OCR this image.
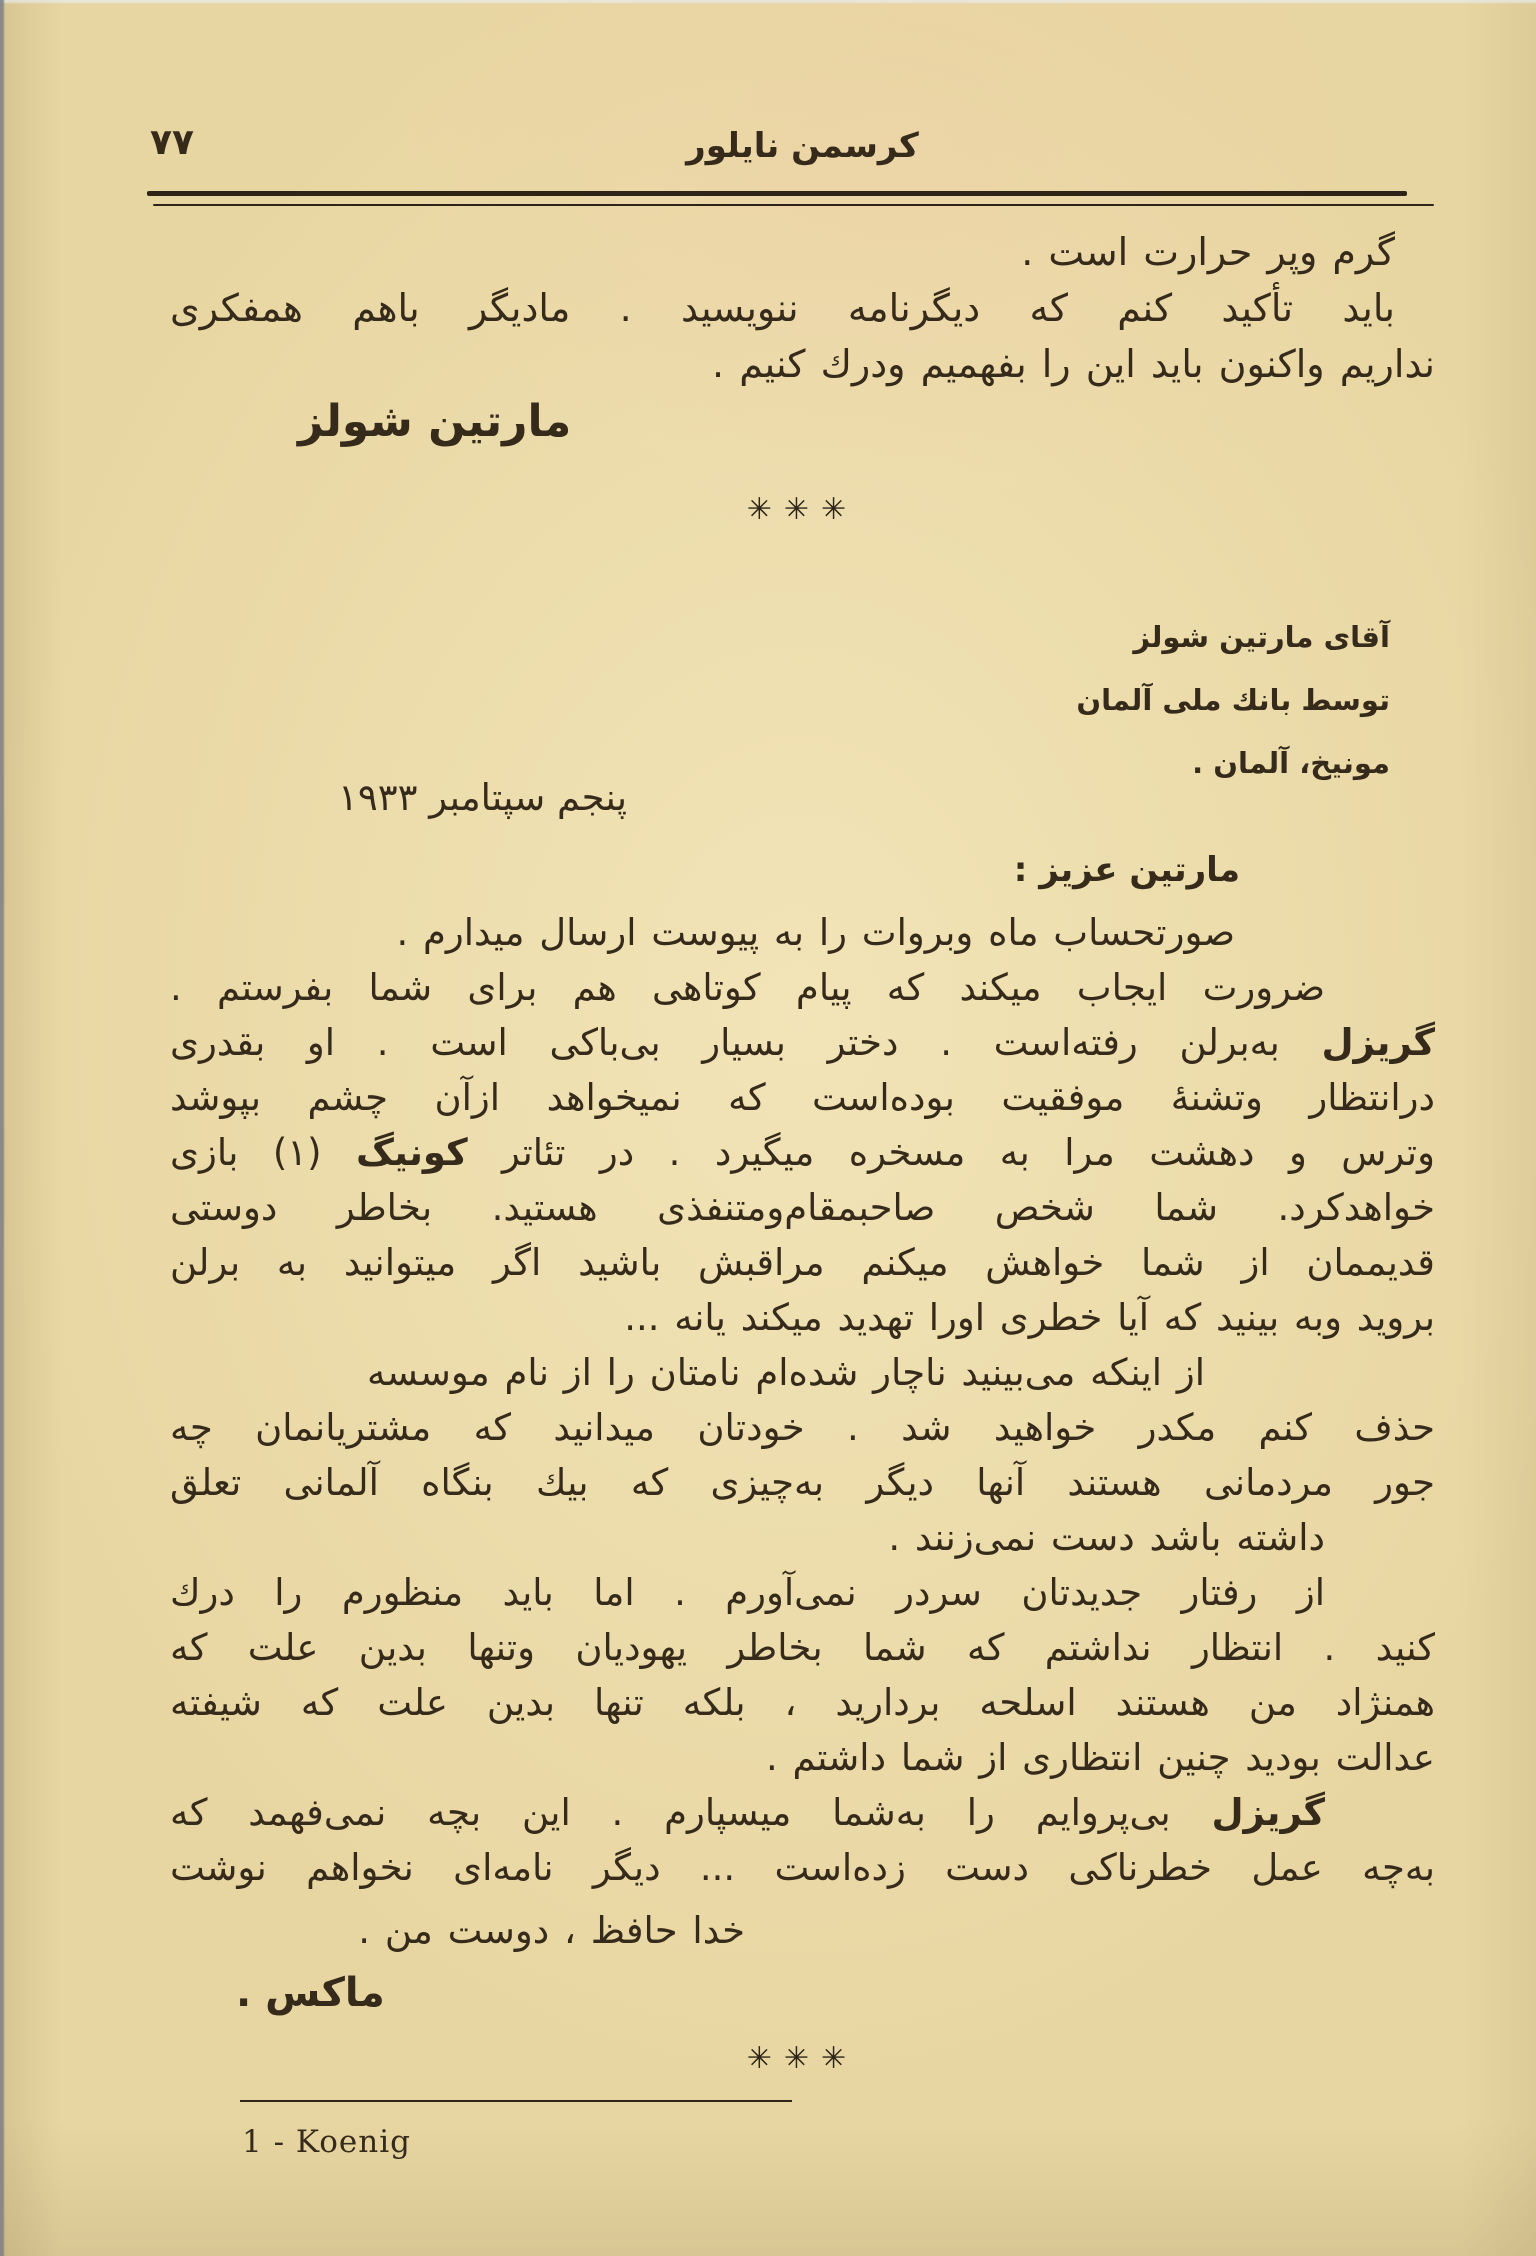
۷۷	کرسمن نایلور
گرم وپر حرارت است .
باید تأکید کنم که دیگرنامه ننویسید . مادیگر باهم همفکری
نداریم واکنون باید این را بفهمیم ودرك کنیم .
مارتین شولز
✳✳✳
آقای مارتین شولز
توسط بانك ملی آلمان
مونیخ، آلمان .
پنجم سپتامبر ۱۹۳۳
مارتین عزیز :
صورتحساب ماه وبروات را به پیوست ارسال میدارم .
ضرورت ایجاب میکند که پیام کوتاهی هم برای شما بفرستم .
گریزل به‌برلن رفته‌است . دختر بسیار بی‌باکی است . او بقدری
درانتظار وتشنهٔ موفقیت بوده‌است که نمیخواهد ازآن چشم بپوشد
وترس و دهشت مرا به مسخره میگیرد . در تئاتر کونیگ (۱) بازی
خواهدکرد. شما شخص صاحبمقام‌ومتنفذی هستید. بخاطر دوستی
قدیممان از شما خواهش میکنم مراقبش باشید اگر میتوانید به برلن
بروید وبه بینید که آیا خطری اورا تهدید میکند یانه ...
از اینکه می‌بینید ناچار شده‌ام نامتان را از نام موسسه
حذف کنم مکدر خواهید شد . خودتان میدانید که مشتریانمان چه
جور مردمانی هستند آنها دیگر به‌چیزی که بیك بنگاه آلمانی تعلق
داشته باشد دست نمی‌زنند .
از رفتار جدیدتان سردر نمی‌آورم . اما باید منظورم را درك
کنید . انتظار نداشتم که شما بخاطر یهودیان وتنها بدین علت که
همنژاد من هستند اسلحه بردارید ، بلکه تنها بدین علت که شیفته
عدالت بودید چنین انتظاری از شما داشتم .
گریزل بی‌پروایم را به‌شما میسپارم . این بچه نمی‌فهمد که
به‌چه عمل خطرناکی دست زده‌است ... دیگر نامه‌ای نخواهم نوشت
خدا حافظ ، دوست من .
ماکس .
✳✳✳
1 - Koenig
